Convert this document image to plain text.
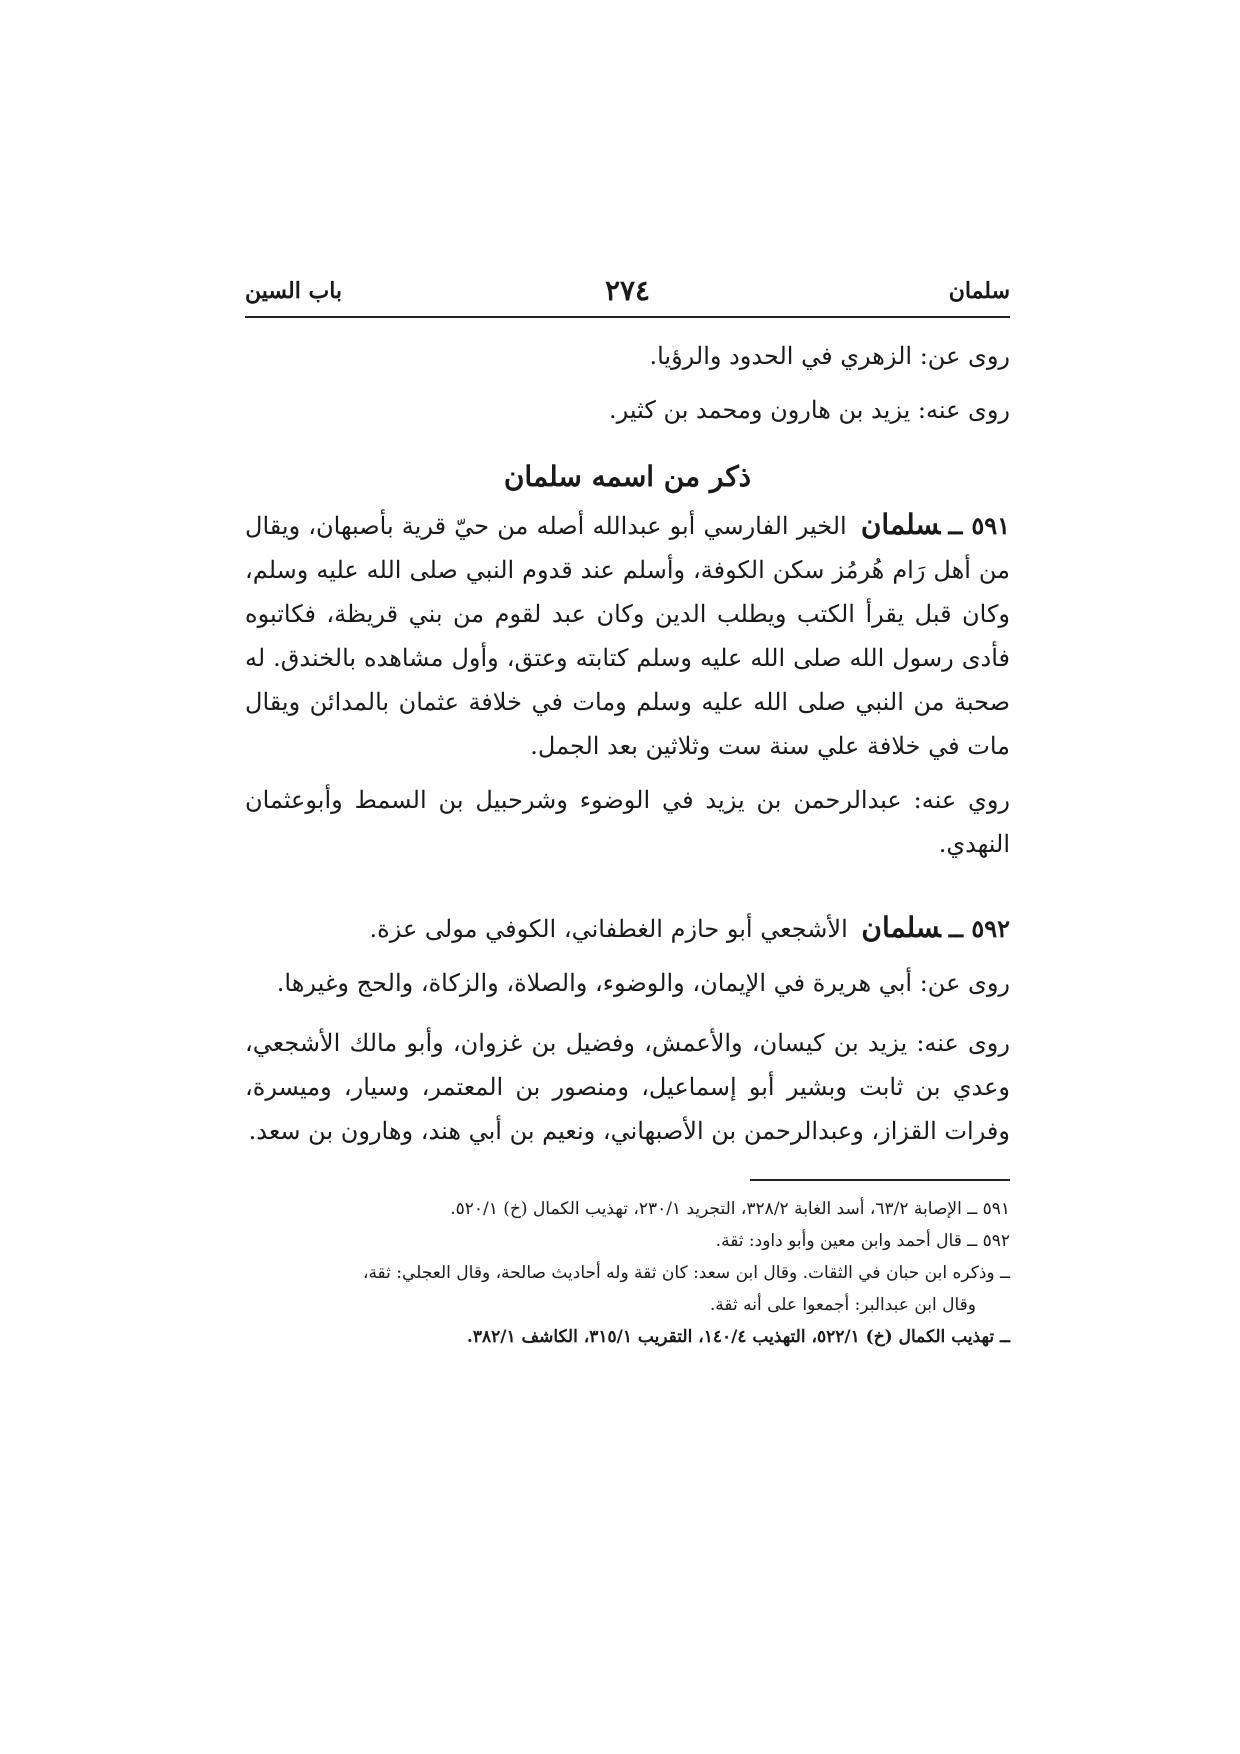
سلمان
٢٧٤
باب السين

روى عن: الزهري في الحدود والرؤيا.

روى عنه: يزيد بن هارون ومحمد بن كثير.

ذكر من اسمه سلمان

٥٩١ ــسلمان الخير الفارسي أبو عبدالله أصله من حيّ قرية بأصبهان، ويقال من أهل رَام هُرمُز سكن الكوفة، وأسلم عند قدوم النبي صلى الله عليه وسلم، وكان قبل يقرأ الكتب ويطلب الدين وكان عبد لقوم من بني قريظة، فكاتبوه فأدى رسول الله صلى الله عليه وسلم كتابته وعتق، وأول مشاهده بالخندق. له صحبة من النبي صلى الله عليه وسلم ومات في خلافة عثمان بالمدائن ويقال مات في خلافة علي سنة ست وثلاثين بعد الجمل.

روي عنه: عبدالرحمن بن يزيد في الوضوء وشرحبيل بن السمط وأبوعثمان النهدي.

٥٩٢ ــسلمان الأشجعي أبو حازم الغطفاني، الكوفي مولى عزة.

روى عن: أبي هريرة في الإيمان، والوضوء، والصلاة، والزكاة، والحج وغيرها.

روى عنه: يزيد بن كيسان، والأعمش، وفضيل بن غزوان، وأبو مالك الأشجعي، وعدي بن ثابت وبشير أبو إسماعيل، ومنصور بن المعتمر، وسيار، وميسرة، وفرات القزاز، وعبدالرحمن بن الأصبهاني، ونعيم بن أبي هند، وهارون بن سعد.

٥٩١ ــ الإصابة ٦٣/٢، أسد الغابة ٣٢٨/٢، التجريد ٢٣٠/١، تهذيب الكمال (خ) ٥٢٠/١.

٥٩٢ ــ قال أحمد وابن معين وأبو داود: ثقة.

ــ وذكره ابن حبان في الثقات. وقال ابن سعد: كان ثقة وله أحاديث صالحة، وقال العجلي: ثقة،

وقال ابن عبدالبر: أجمعوا على أنه ثقة.

ــ تهذيب الكمال (خ) ٥٢٢/١، التهذيب ١٤٠/٤، التقريب ٣١٥/١، الكاشف ٣٨٢/١.
